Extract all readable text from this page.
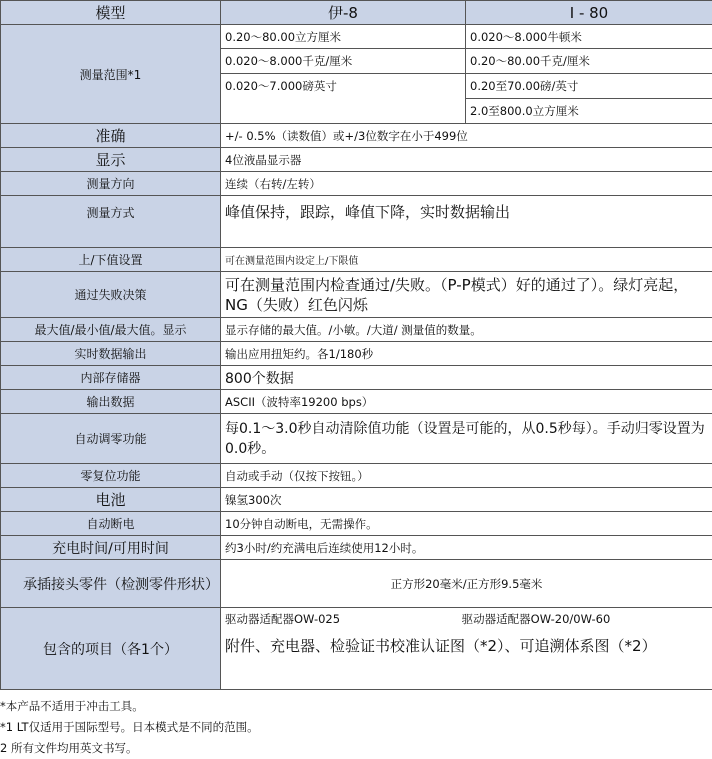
模型	伊-8	I - 80
测量范围*1	0.20～80.00立方厘米	0.020～8.000牛顿米
	0.020～8.000千克/厘米	0.20～80.00千克/厘米
	0.020～7.000磅英寸	0.20至70.00磅/英寸
		2.0至800.0立方厘米
准确	+/- 0.5%（读数值）或+/3位数字在小于499位	
显示	4位液晶显示器	
测量方向	连续（右转/左转）	
测量方式	峰值保持，跟踪，峰值下降，实时数据输出	
上/下值设置	可在测量范围内设定上/下限值	
通过失败决策	可在测量范围内检查通过/失败。（P-P模式）好的通过了）。绿灯亮起，NG（失败）红色闪烁	
最大值/最小值/最大值。显示	显示存储的最大值。/小敏。/大道/ 测量值的数量。	
实时数据输出	输出应用扭矩约。各1/180秒	
内部存储器	800个数据	
输出数据	ASCII（波特率19200 bps）	
自动调零功能	每0.1～3.0秒自动清除值功能（设置是可能的，从0.5秒每）。手动归零设置为0.0秒。	
零复位功能	自动或手动（仅按下按钮。）	
电池	镍氢300次	
自动断电	10分钟自动断电，无需操作。	
充电时间/可用时间	约3小时/约充满电后连续使用12小时。	
承插接头零件（检测零件形状）	正方形20毫米/正方形9.5毫米	
包含的项目（各1个）	驱动器适配器OW-025 驱动器适配器OW-20/0W-60
附件、充电器、检验证书校准认证图（*2）、可追溯体系图（*2）	
*本产品不适用于冲击工具。
*1 LT仅适用于国际型号。日本模式是不同的范围。
2 所有文件均用英文书写。
